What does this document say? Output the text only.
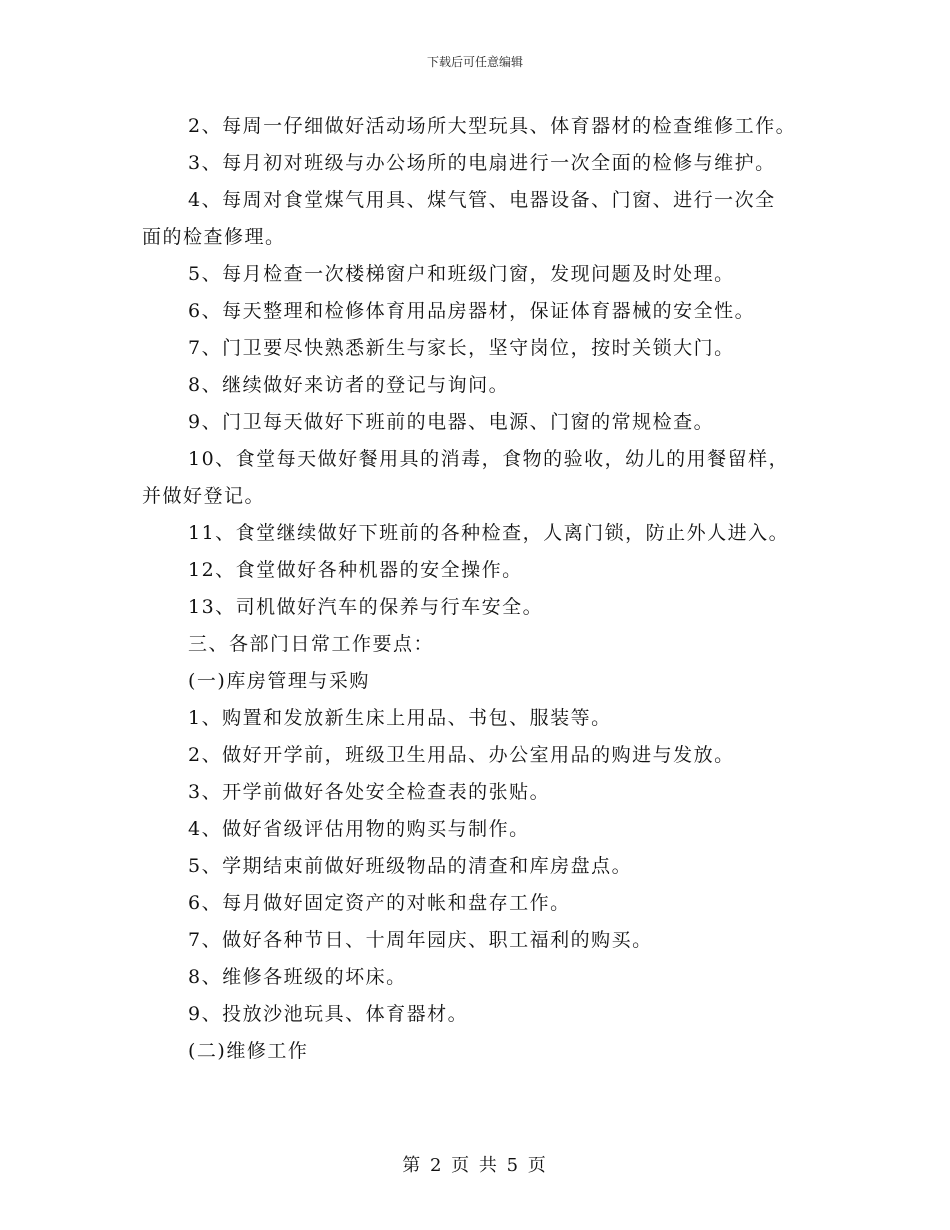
下载后可任意编辑
2、每周一仔细做好活动场所大型玩具、体育器材的检查维修工作。
3、每月初对班级与办公场所的电扇进行一次全面的检修与维护。
4、每周对食堂煤气用具、煤气管、电器设备、门窗、进行一次全
面的检查修理。
5、每月检查一次楼梯窗户和班级门窗，发现问题及时处理。
6、每天整理和检修体育用品房器材，保证体育器械的安全性。
7、门卫要尽快熟悉新生与家长，坚守岗位，按时关锁大门。
8、继续做好来访者的登记与询问。
9、门卫每天做好下班前的电器、电源、门窗的常规检查。
10、食堂每天做好餐用具的消毒，食物的验收，幼儿的用餐留样，
并做好登记。
11、食堂继续做好下班前的各种检查，人离门锁，防止外人进入。
12、食堂做好各种机器的安全操作。
13、司机做好汽车的保养与行车安全。
三、各部门日常工作要点：
(一)库房管理与采购
1、购置和发放新生床上用品、书包、服装等。
2、做好开学前，班级卫生用品、办公室用品的购进与发放。
3、开学前做好各处安全检查表的张贴。
4、做好省级评估用物的购买与制作。
5、学期结束前做好班级物品的清查和库房盘点。
6、每月做好固定资产的对帐和盘存工作。
7、做好各种节日、十周年园庆、职工福利的购买。
8、维修各班级的坏床。
9、投放沙池玩具、体育器材。
(二)维修工作
第 2 页 共 5 页
